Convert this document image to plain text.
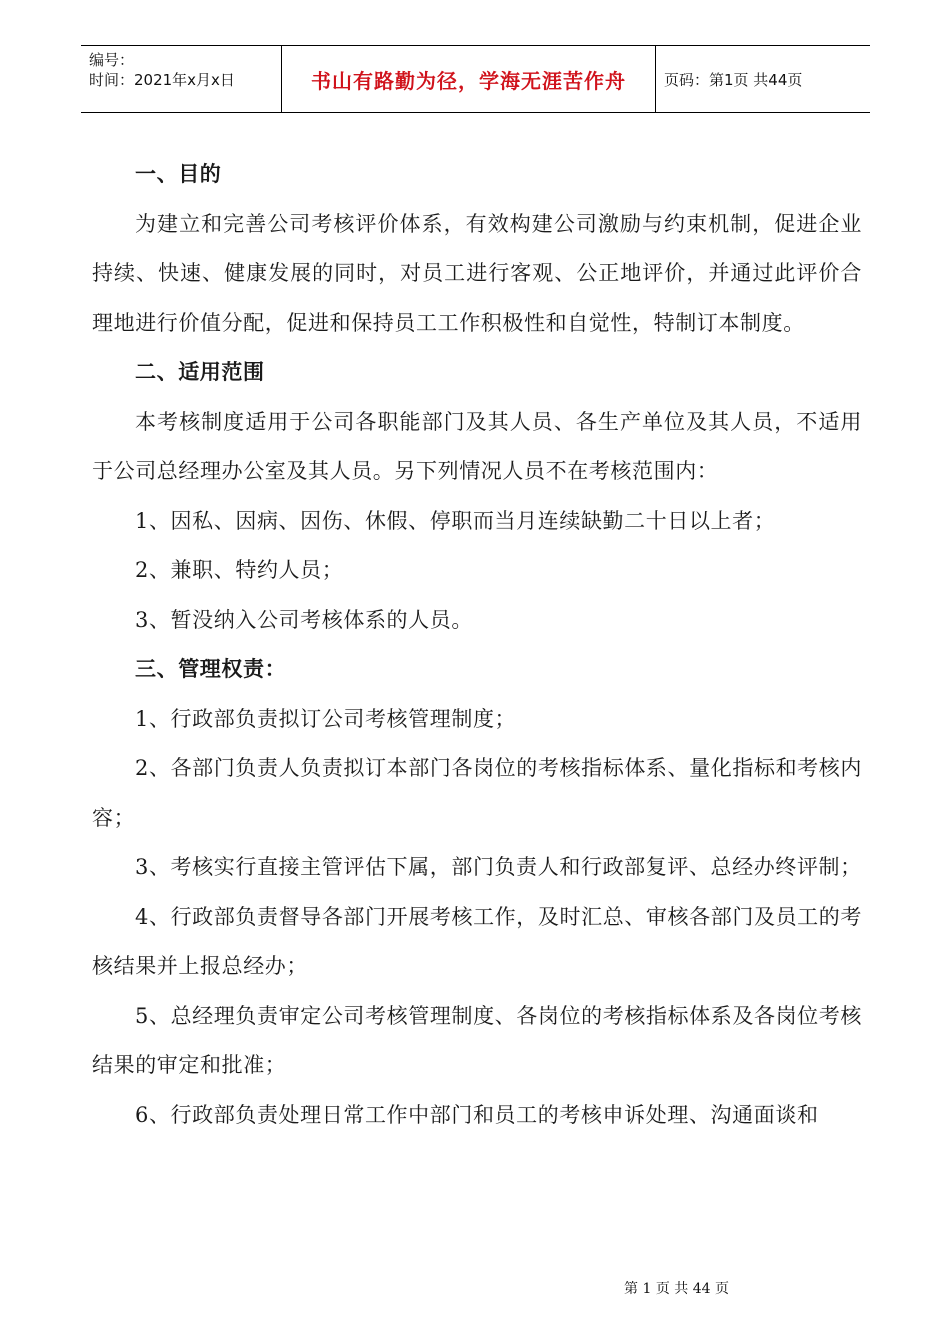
编号：
时间：2021年x月x日	书山有路勤为径，学海无涯苦作舟	页码：第1页 共44页

一、目的

为建立和完善公司考核评价体系，有效构建公司激励与约束机制，促进企业持续、快速、健康发展的同时，对员工进行客观、公正地评价，并通过此评价合理地进行价值分配，促进和保持员工工作积极性和自觉性，特制订本制度。

二、适用范围

本考核制度适用于公司各职能部门及其人员、各生产单位及其人员，不适用于公司总经理办公室及其人员。另下列情况人员不在考核范围内：

1、因私、因病、因伤、休假、停职而当月连续缺勤二十日以上者；

2、兼职、特约人员；

3、暂没纳入公司考核体系的人员。

三、管理权责：

1、行政部负责拟订公司考核管理制度；

2、各部门负责人负责拟订本部门各岗位的考核指标体系、量化指标和考核内容；

3、考核实行直接主管评估下属，部门负责人和行政部复评、总经办终评制；

4、行政部负责督导各部门开展考核工作，及时汇总、审核各部门及员工的考核结果并上报总经办；

5、总经理负责审定公司考核管理制度、各岗位的考核指标体系及各岗位考核结果的审定和批准；

6、行政部负责处理日常工作中部门和员工的考核申诉处理、沟通面谈和

第 1 页 共 44 页
